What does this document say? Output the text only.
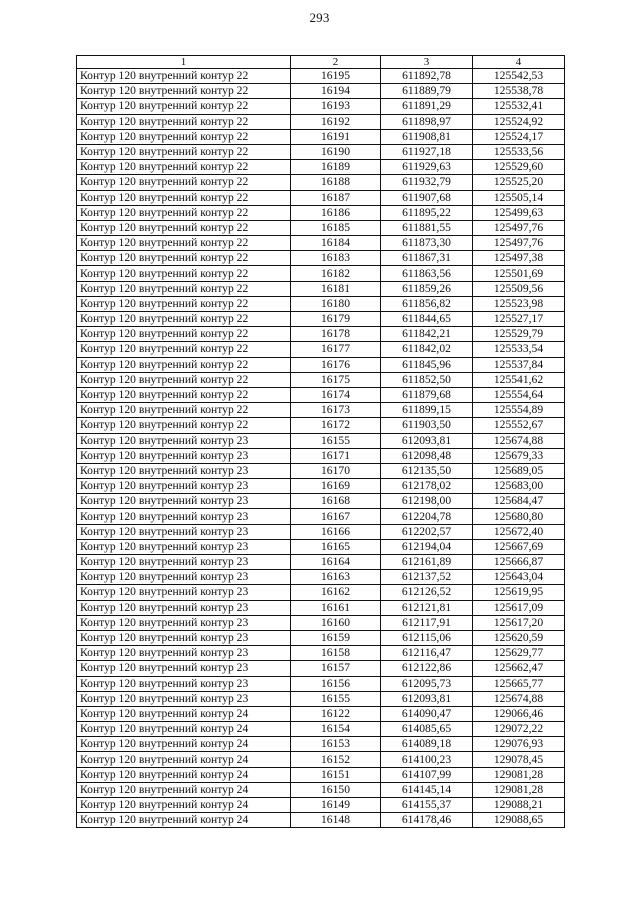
293
1	2	3	4
Контур 120 внутренний контур 22	16195	611892,78	125542,53
Контур 120 внутренний контур 22	16194	611889,79	125538,78
Контур 120 внутренний контур 22	16193	611891,29	125532,41
Контур 120 внутренний контур 22	16192	611898,97	125524,92
Контур 120 внутренний контур 22	16191	611908,81	125524,17
Контур 120 внутренний контур 22	16190	611927,18	125533,56
Контур 120 внутренний контур 22	16189	611929,63	125529,60
Контур 120 внутренний контур 22	16188	611932,79	125525,20
Контур 120 внутренний контур 22	16187	611907,68	125505,14
Контур 120 внутренний контур 22	16186	611895,22	125499,63
Контур 120 внутренний контур 22	16185	611881,55	125497,76
Контур 120 внутренний контур 22	16184	611873,30	125497,76
Контур 120 внутренний контур 22	16183	611867,31	125497,38
Контур 120 внутренний контур 22	16182	611863,56	125501,69
Контур 120 внутренний контур 22	16181	611859,26	125509,56
Контур 120 внутренний контур 22	16180	611856,82	125523,98
Контур 120 внутренний контур 22	16179	611844,65	125527,17
Контур 120 внутренний контур 22	16178	611842,21	125529,79
Контур 120 внутренний контур 22	16177	611842,02	125533,54
Контур 120 внутренний контур 22	16176	611845,96	125537,84
Контур 120 внутренний контур 22	16175	611852,50	125541,62
Контур 120 внутренний контур 22	16174	611879,68	125554,64
Контур 120 внутренний контур 22	16173	611899,15	125554,89
Контур 120 внутренний контур 22	16172	611903,50	125552,67
Контур 120 внутренний контур 23	16155	612093,81	125674,88
Контур 120 внутренний контур 23	16171	612098,48	125679,33
Контур 120 внутренний контур 23	16170	612135,50	125689,05
Контур 120 внутренний контур 23	16169	612178,02	125683,00
Контур 120 внутренний контур 23	16168	612198,00	125684,47
Контур 120 внутренний контур 23	16167	612204,78	125680,80
Контур 120 внутренний контур 23	16166	612202,57	125672,40
Контур 120 внутренний контур 23	16165	612194,04	125667,69
Контур 120 внутренний контур 23	16164	612161,89	125666,87
Контур 120 внутренний контур 23	16163	612137,52	125643,04
Контур 120 внутренний контур 23	16162	612126,52	125619,95
Контур 120 внутренний контур 23	16161	612121,81	125617,09
Контур 120 внутренний контур 23	16160	612117,91	125617,20
Контур 120 внутренний контур 23	16159	612115,06	125620,59
Контур 120 внутренний контур 23	16158	612116,47	125629,77
Контур 120 внутренний контур 23	16157	612122,86	125662,47
Контур 120 внутренний контур 23	16156	612095,73	125665,77
Контур 120 внутренний контур 23	16155	612093,81	125674,88
Контур 120 внутренний контур 24	16122	614090,47	129066,46
Контур 120 внутренний контур 24	16154	614085,65	129072,22
Контур 120 внутренний контур 24	16153	614089,18	129076,93
Контур 120 внутренний контур 24	16152	614100,23	129078,45
Контур 120 внутренний контур 24	16151	614107,99	129081,28
Контур 120 внутренний контур 24	16150	614145,14	129081,28
Контур 120 внутренний контур 24	16149	614155,37	129088,21
Контур 120 внутренний контур 24	16148	614178,46	129088,65
